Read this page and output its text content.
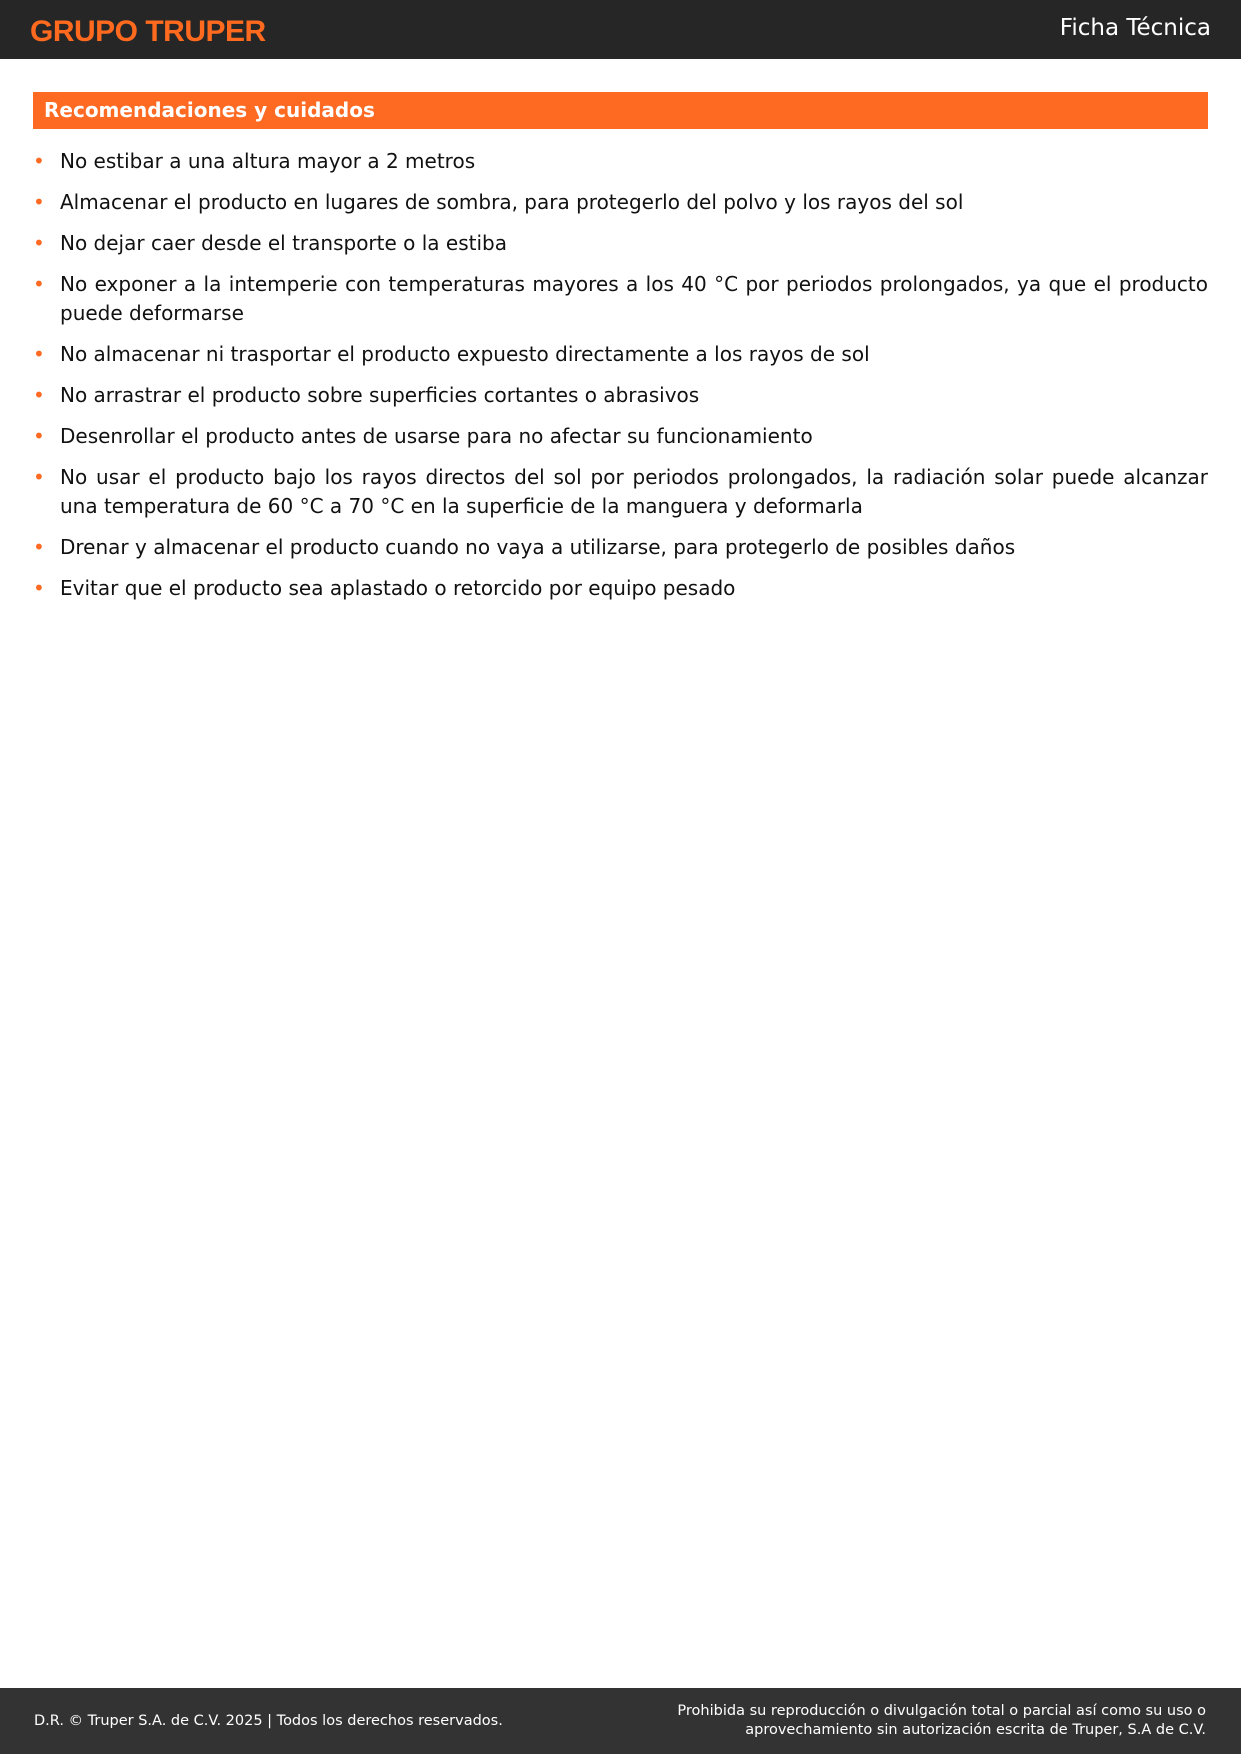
GRUPO TRUPER	Ficha Técnica
Recomendaciones y cuidados
• No estibar a una altura mayor a 2 metros
• Almacenar el producto en lugares de sombra, para protegerlo del polvo y los rayos del sol
• No dejar caer desde el transporte o la estiba
• No exponer a la intemperie con temperaturas mayores a los 40 °C por periodos prolongados, ya que el producto puede deformarse
• No almacenar ni trasportar el producto expuesto directamente a los rayos de sol
• No arrastrar el producto sobre superficies cortantes o abrasivos
• Desenrollar el producto antes de usarse para no afectar su funcionamiento
• No usar el producto bajo los rayos directos del sol por periodos prolongados, la radiación solar puede alcanzar una temperatura de 60 °C a 70 °C en la superficie de la manguera y deformarla
• Drenar y almacenar el producto cuando no vaya a utilizarse, para protegerlo de posibles daños
• Evitar que el producto sea aplastado o retorcido por equipo pesado
D.R. © Truper S.A. de C.V. 2025 | Todos los derechos reservados.
Prohibida su reproducción o divulgación total o parcial así como su uso o
aprovechamiento sin autorización escrita de Truper, S.A de C.V.
